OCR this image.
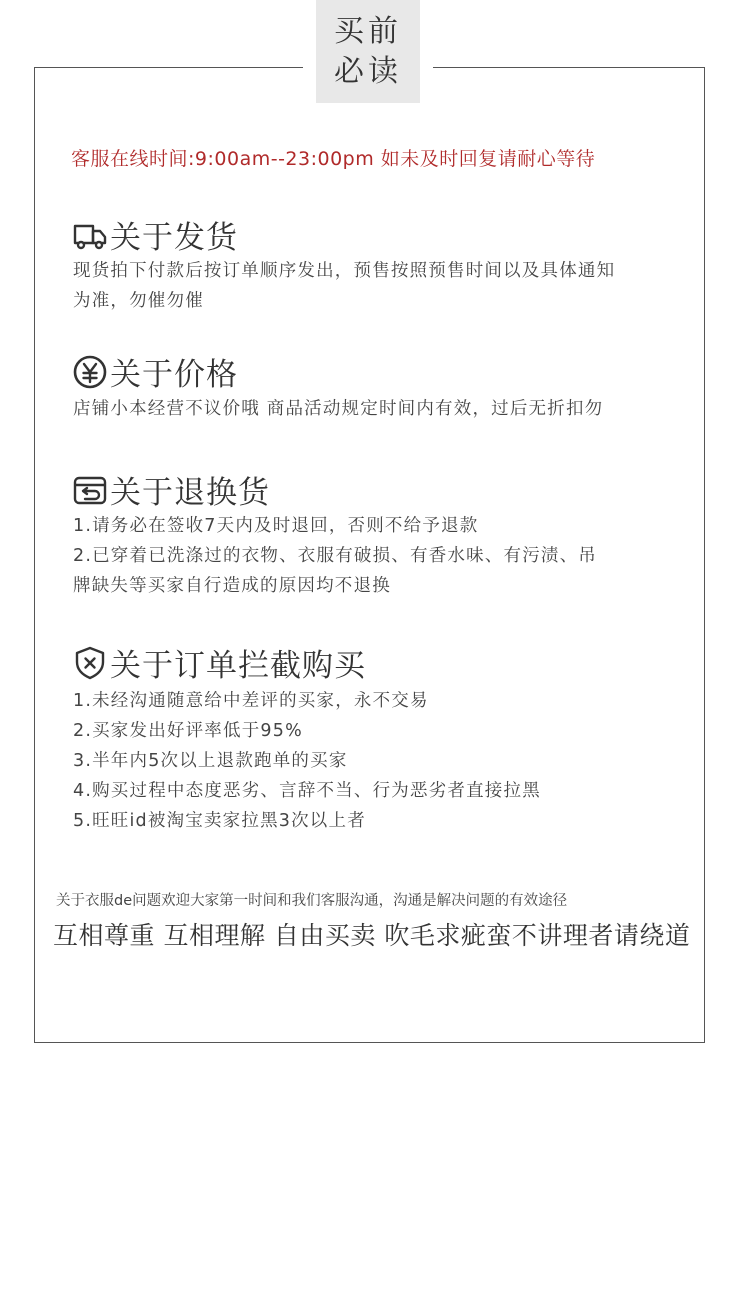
买前
必读
客服在线时间:9:00am--23:00pm 如未及时回复请耐心等待
关于发货
现货拍下付款后按订单顺序发出，预售按照预售时间以及具体通知
为准，勿催勿催
关于价格
店铺小本经营不议价哦 商品活动规定时间内有效，过后无折扣勿
关于退换货
1.请务必在签收7天内及时退回，否则不给予退款
2.已穿着已洗涤过的衣物、衣服有破损、有香水味、有污渍、吊
牌缺失等买家自行造成的原因均不退换
关于订单拦截购买
1.未经沟通随意给中差评的买家，永不交易
2.买家发出好评率低于95%
3.半年内5次以上退款跑单的买家
4.购买过程中态度恶劣、言辞不当、行为恶劣者直接拉黑
5.旺旺id被淘宝卖家拉黑3次以上者
关于衣服de问题欢迎大家第一时间和我们客服沟通，沟通是解决问题的有效途径
互相尊重 互相理解 自由买卖 吹毛求疵蛮不讲理者请绕道
